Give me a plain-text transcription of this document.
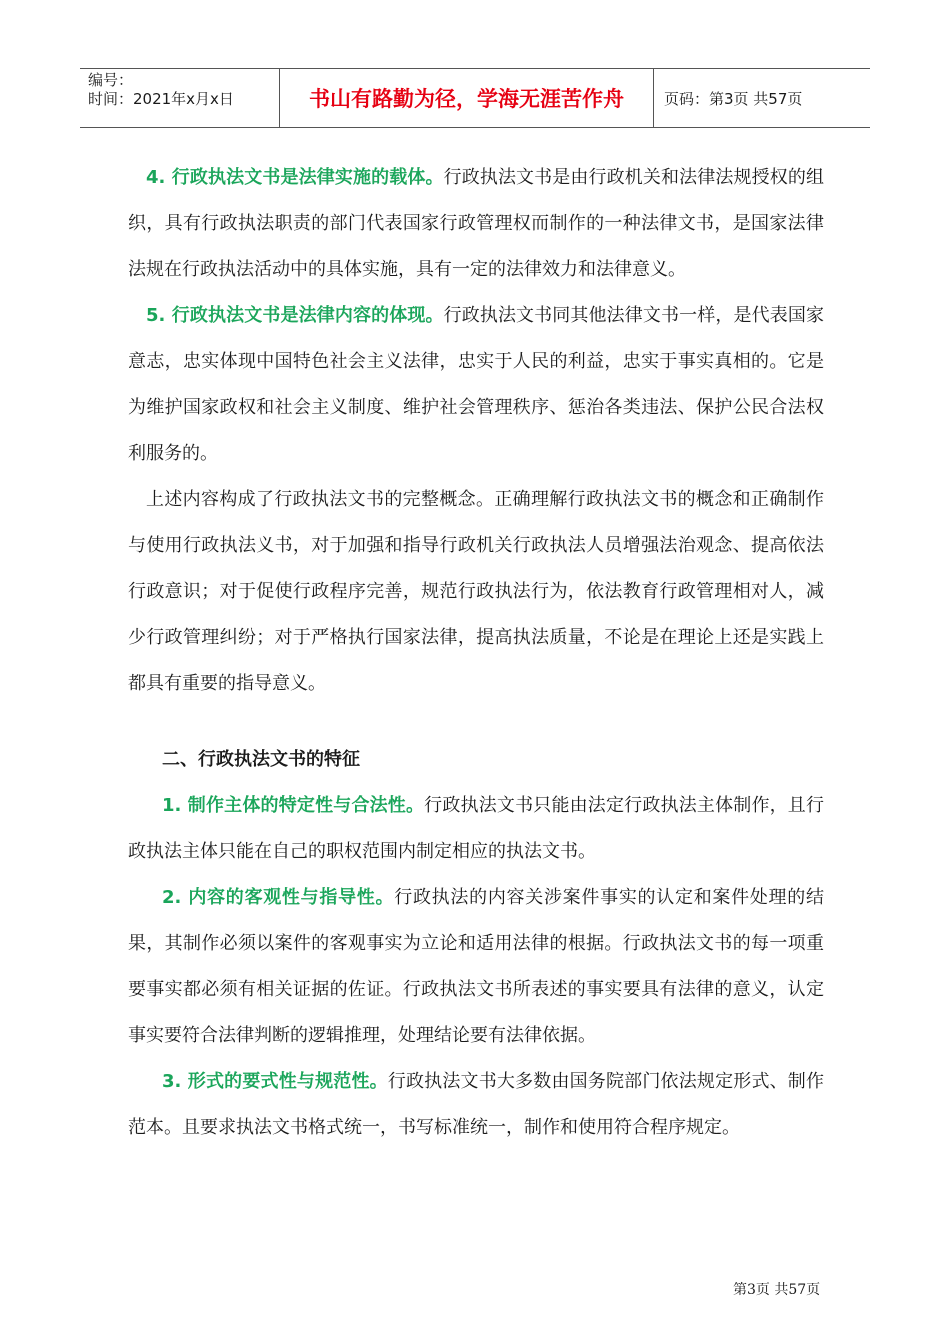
编号：
时间：2021年x月x日	书山有路勤为径，学海无涯苦作舟	页码：第3页 共57页

4. 行政执法文书是法律实施的载体。行政执法文书是由行政机关和法律法规授权的组织，具有行政执法职责的部门代表国家行政管理权而制作的一种法律文书，是国家法律法规在行政执法活动中的具体实施，具有一定的法律效力和法律意义。

5. 行政执法文书是法律内容的体现。行政执法文书同其他法律文书一样，是代表国家意志，忠实体现中国特色社会主义法律，忠实于人民的利益，忠实于事实真相的。它是为维护国家政权和社会主义制度、维护社会管理秩序、惩治各类违法、保护公民合法权利服务的。

上述内容构成了行政执法文书的完整概念。正确理解行政执法文书的概念和正确制作与使用行政执法义书，对于加强和指导行政机关行政执法人员增强法治观念、提高依法行政意识；对于促使行政程序完善，规范行政执法行为，依法教育行政管理相对人，减少行政管理纠纷；对于严格执行国家法律，提高执法质量，不论是在理论上还是实践上都具有重要的指导意义。

二、行政执法文书的特征

1. 制作主体的特定性与合法性。行政执法文书只能由法定行政执法主体制作，且行政执法主体只能在自己的职权范围内制定相应的执法文书。

2. 内容的客观性与指导性。行政执法的内容关涉案件事实的认定和案件处理的结果，其制作必须以案件的客观事实为立论和适用法律的根据。行政执法文书的每一项重要事实都必须有相关证据的佐证。行政执法文书所表述的事实要具有法律的意义，认定事实要符合法律判断的逻辑推理，处理结论要有法律依据。

3. 形式的要式性与规范性。行政执法文书大多数由国务院部门依法规定形式、制作范本。且要求执法文书格式统一，书写标准统一，制作和使用符合程序规定。

第3页 共57页
